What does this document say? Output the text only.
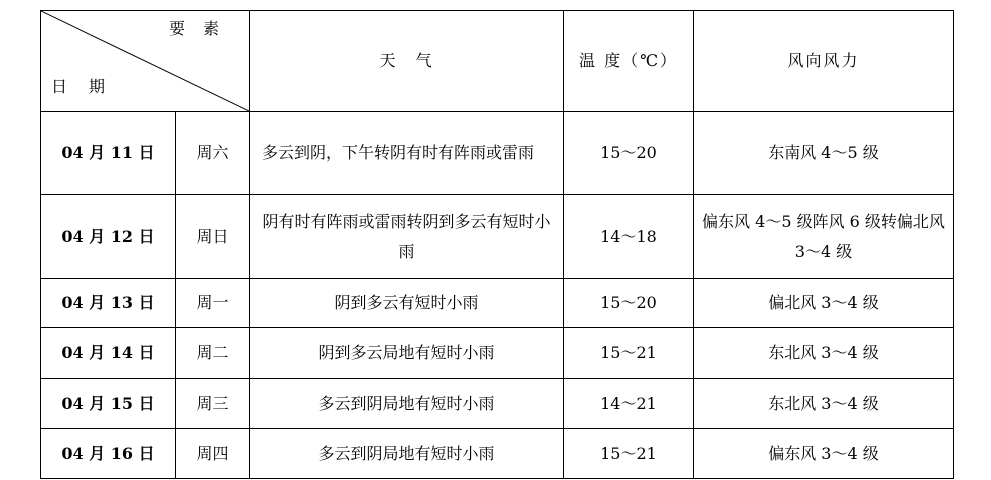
要素
日期		天　气	温 度（℃）	风向风力
04 月 11 日	周六	多云到阴，下午转阴有时有阵雨或雷雨	15～20	东南风 4～5 级
04 月 12 日	周日	阴有时有阵雨或雷雨转阴到多云有短时小雨	14～18	偏东风 4～5 级阵风 6 级转偏北风 3～4 级
04 月 13 日	周一	阴到多云有短时小雨	15～20	偏北风 3～4 级
04 月 14 日	周二	阴到多云局地有短时小雨	15～21	东北风 3～4 级
04 月 15 日	周三	多云到阴局地有短时小雨	14～21	东北风 3～4 级
04 月 16 日	周四	多云到阴局地有短时小雨	15～21	偏东风 3～4 级
